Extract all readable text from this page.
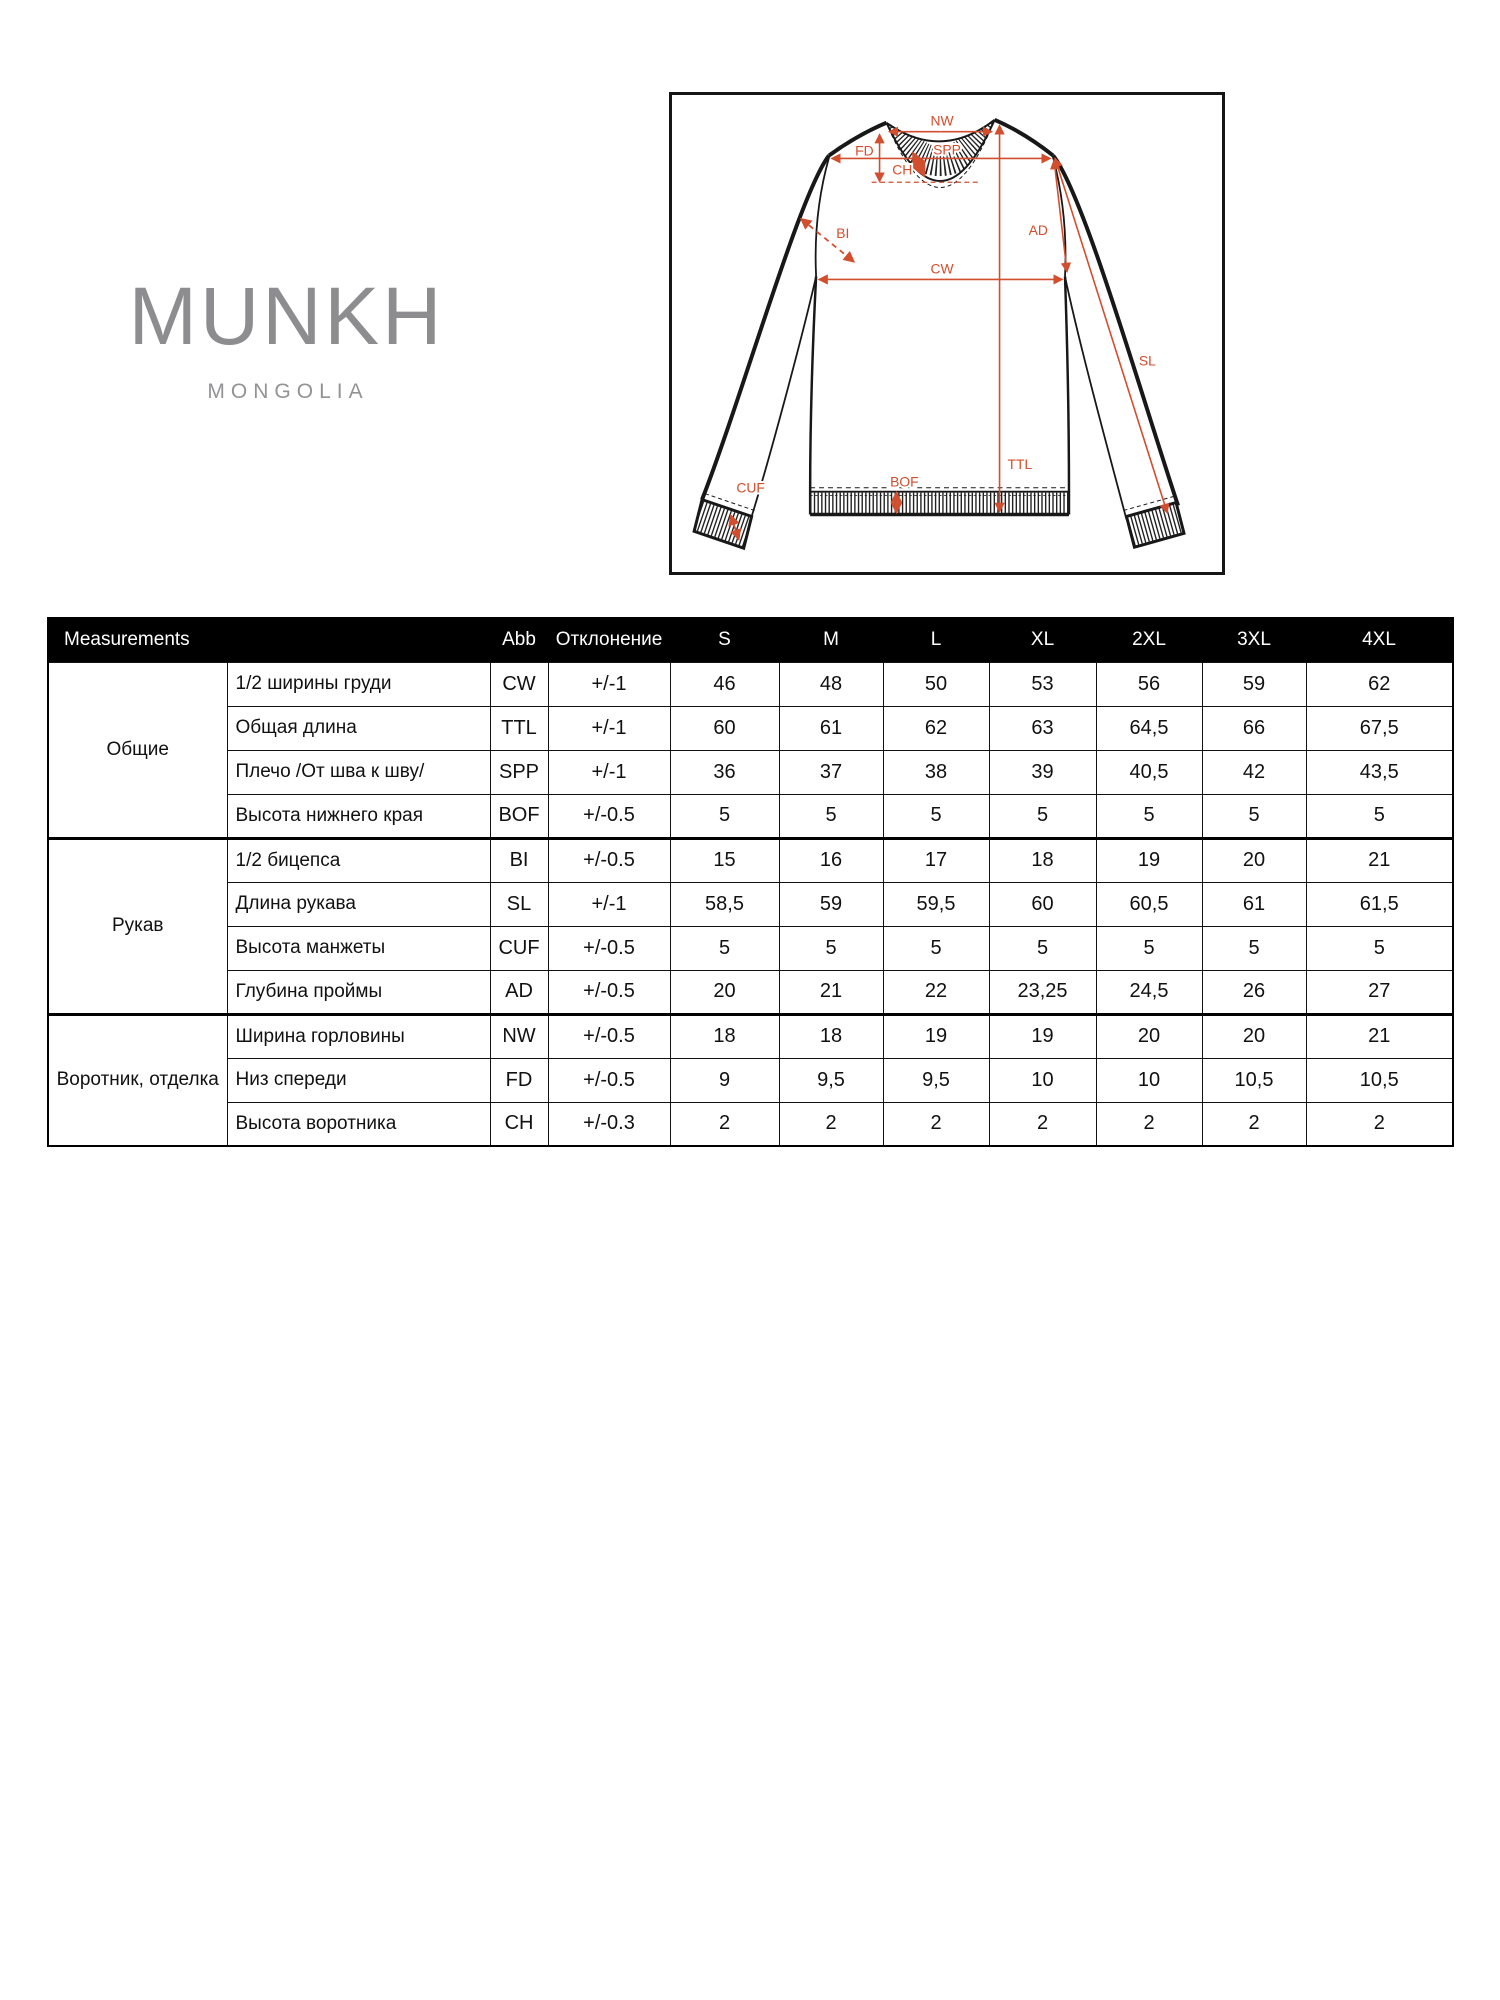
MUNKH
MONGOLIA
NW
FD	SPP
CH
BI
CW
AD
SL
TTL
BOF
CUF
Measurements		Abb	Отклонение	S	M	L	XL	2XL	3XL	4XL
Общие	1/2 ширины груди	CW	+/-1	46	48	50	53	56	59	62
	Общая длина	TTL	+/-1	60	61	62	63	64,5	66	67,5
	Плечо /От шва к шву/	SPP	+/-1	36	37	38	39	40,5	42	43,5
	Высота нижнего края	BOF	+/-0.5	5	5	5	5	5	5	5
Рукав	1/2 бицепса	BI	+/-0.5	15	16	17	18	19	20	21
	Длина рукава	SL	+/-1	58,5	59	59,5	60	60,5	61	61,5
	Высота манжеты	CUF	+/-0.5	5	5	5	5	5	5	5
	Глубина проймы	AD	+/-0.5	20	21	22	23,25	24,5	26	27
Воротник, отделка	Ширина горловины	NW	+/-0.5	18	18	19	19	20	20	21
	Низ спереди	FD	+/-0.5	9	9,5	9,5	10	10	10,5	10,5
	Высота воротника	CH	+/-0.3	2	2	2	2	2	2	2
